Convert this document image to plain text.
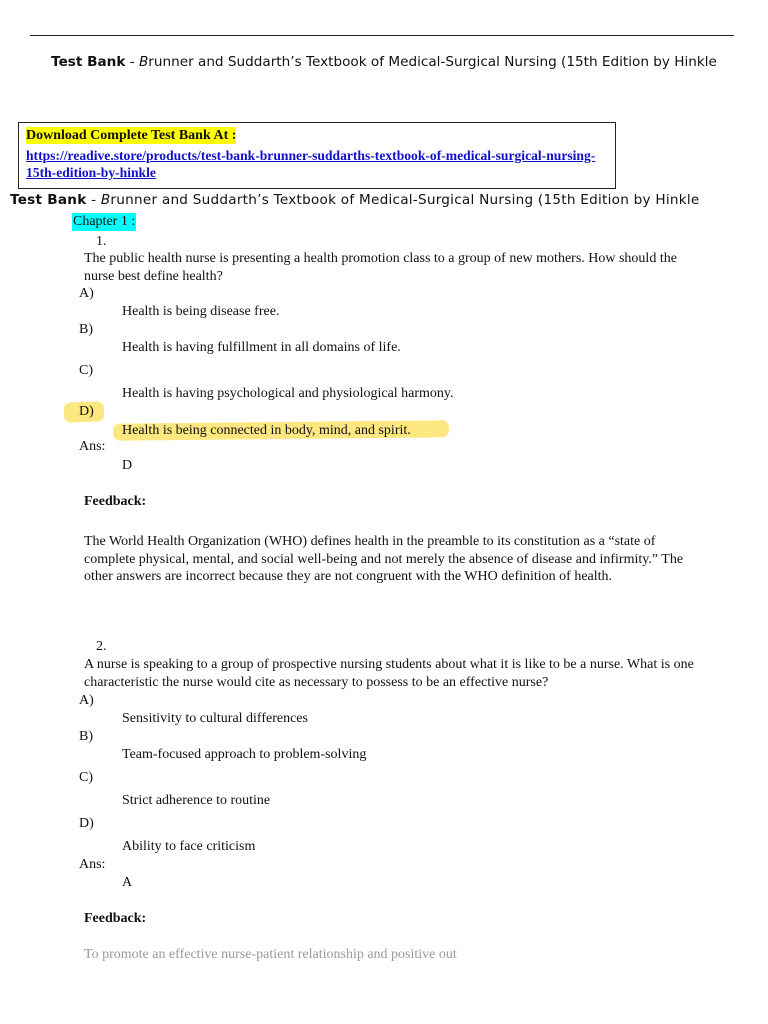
Test Bank - Brunner and Suddarth’s Textbook of Medical-Surgical Nursing (15th Edition by Hinkle
Download Complete Test Bank At :
https://readive.store/products/test-bank-brunner-suddarths-textbook-of-medical-surgical-nursing-15th-edition-by-hinkle
Test Bank - Brunner and Suddarth’s Textbook of Medical-Surgical Nursing (15th Edition by Hinkle
Chapter 1 :
1.
The public health nurse is presenting a health promotion class to a group of new mothers. How should the nurse best define health?
A)
Health is being disease free.
B)
Health is having fulfillment in all domains of life.
C)
Health is having psychological and physiological harmony.
D)
Health is being connected in body, mind, and spirit.
Ans:
D
Feedback:
The World Health Organization (WHO) defines health in the preamble to its constitution as a “state of complete physical, mental, and social well-being and not merely the absence of disease and infirmity.” The other answers are incorrect because they are not congruent with the WHO definition of health.
2.
A nurse is speaking to a group of prospective nursing students about what it is like to be a nurse. What is one characteristic the nurse would cite as necessary to possess to be an effective nurse?
A)
Sensitivity to cultural differences
B)
Team-focused approach to problem-solving
C)
Strict adherence to routine
D)
Ability to face criticism
Ans:
A
Feedback:
To promote an effective nurse-patient relationship and positive out
